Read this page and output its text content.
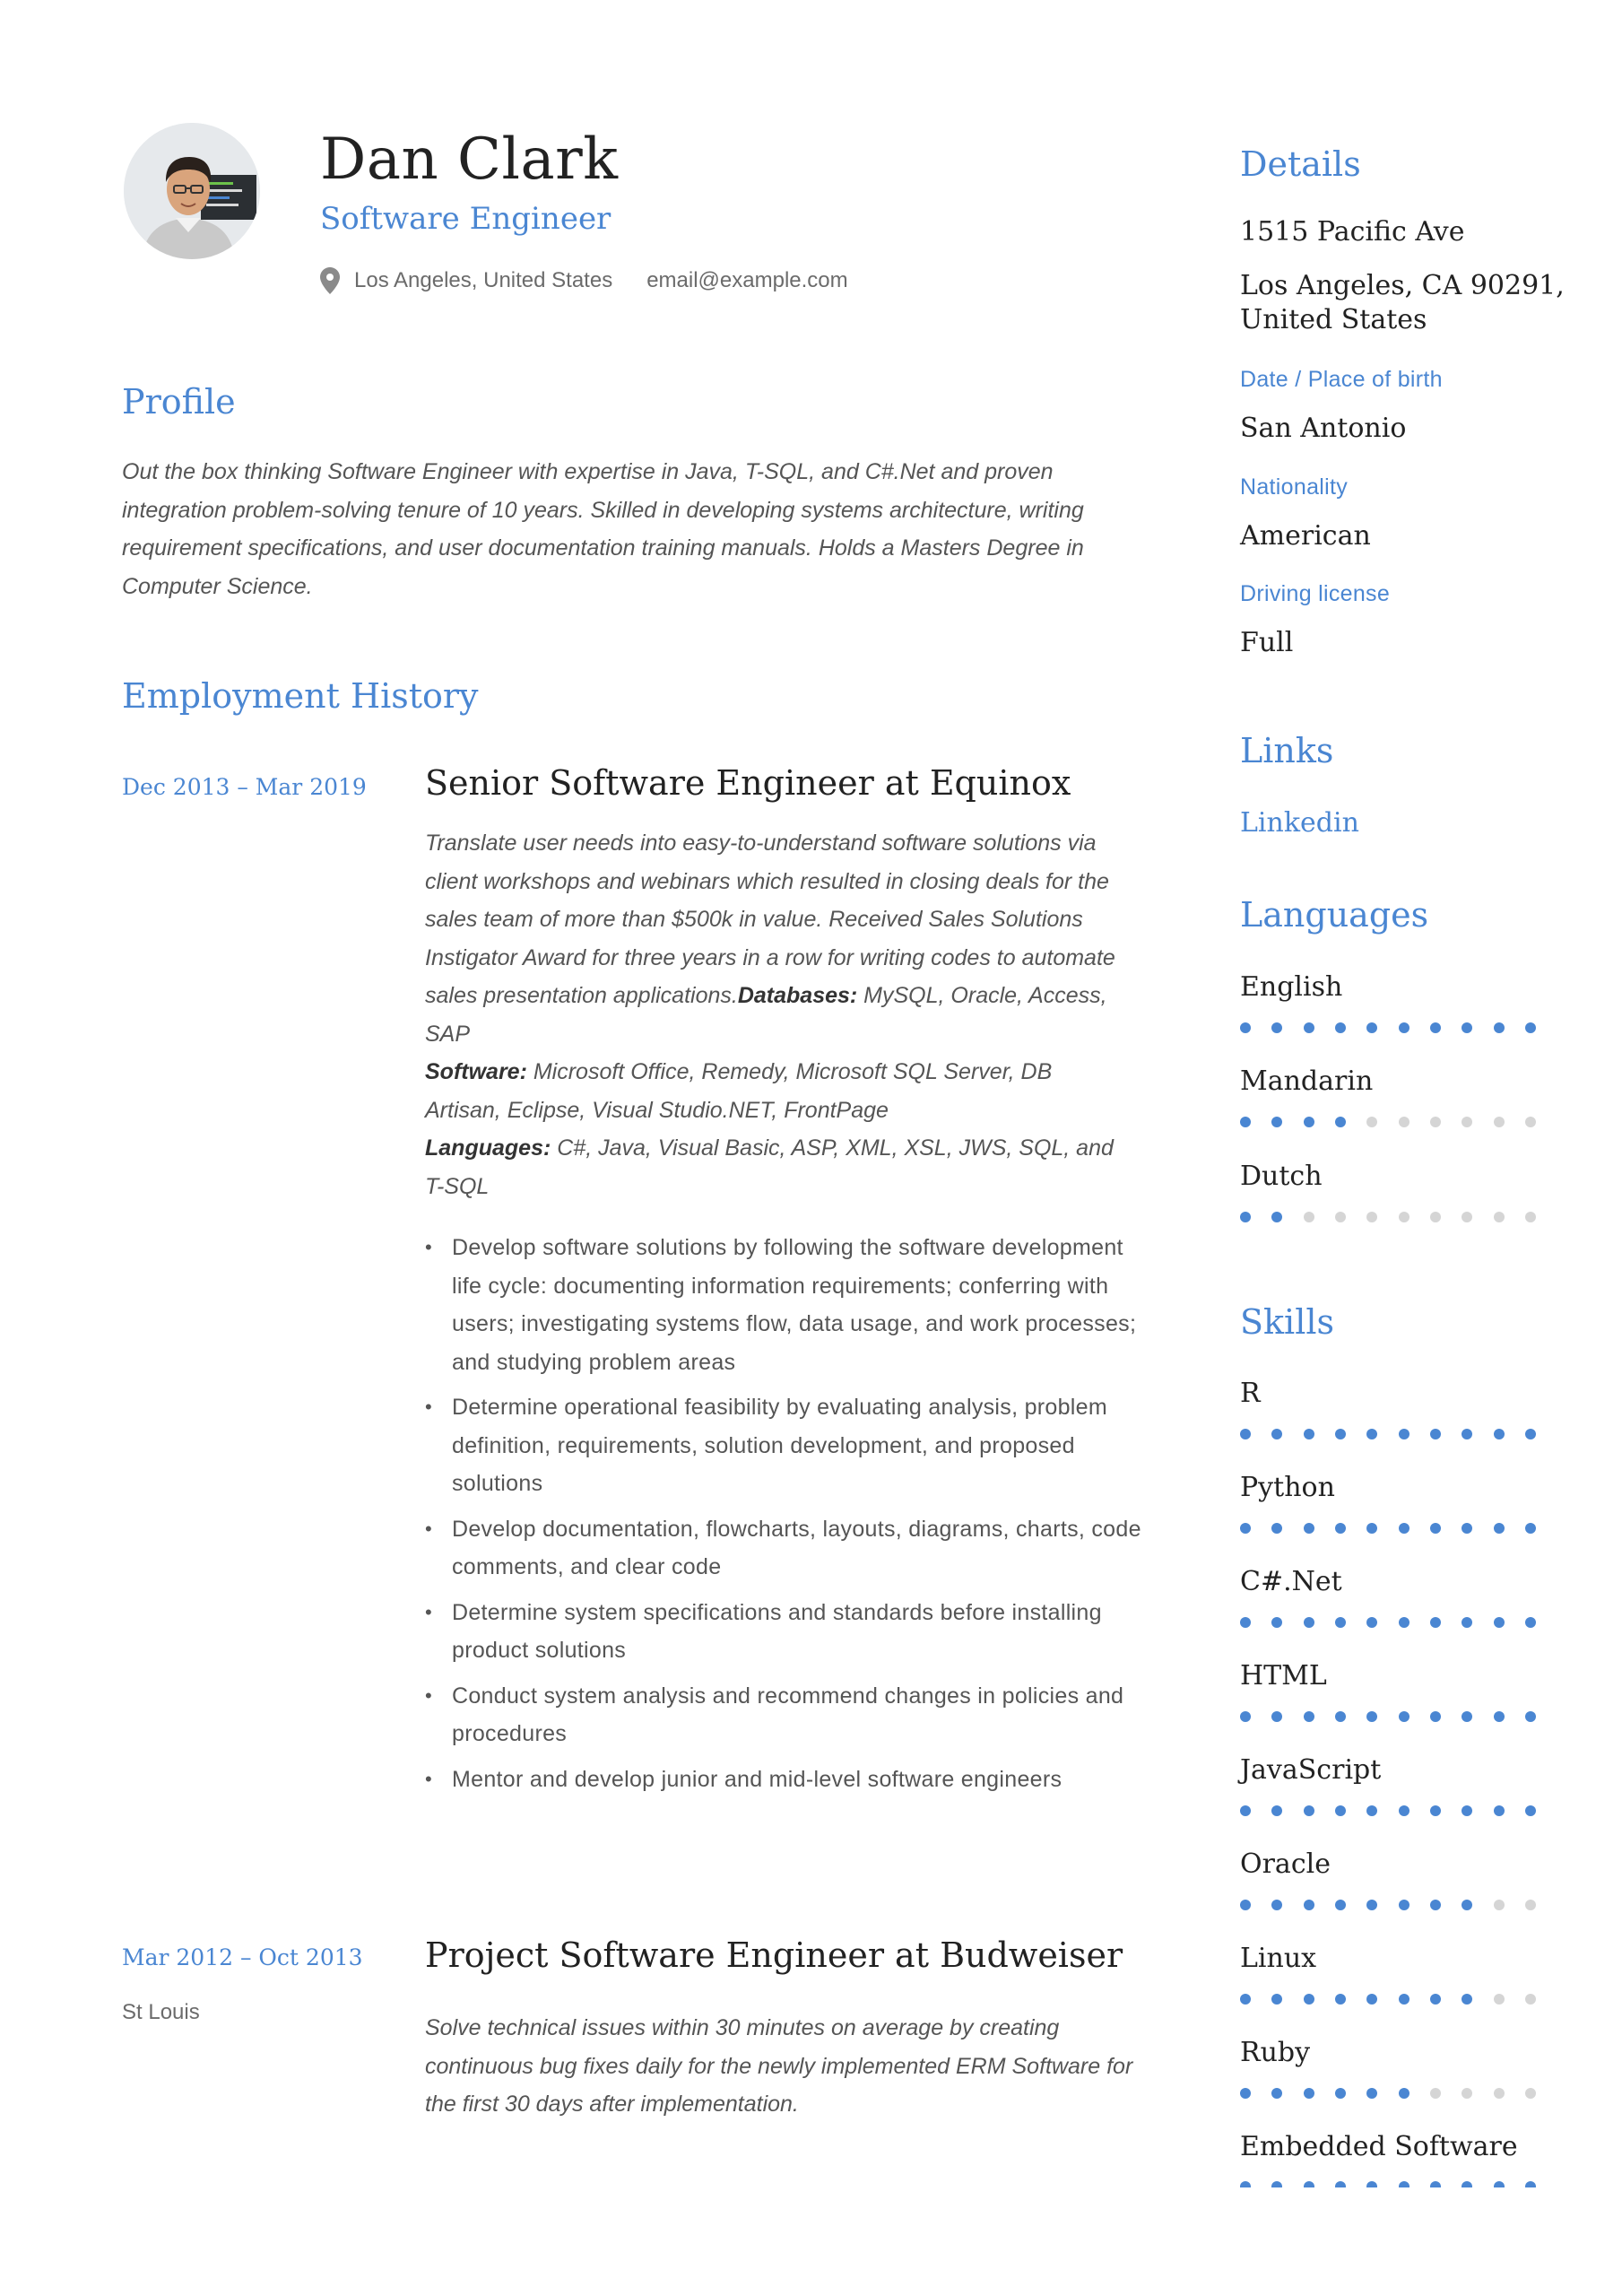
Dan Clark
Software Engineer
Los Angeles, United States email@example.com
Profile
Out the box thinking Software Engineer with expertise in Java, T-SQL, and C#.Net and proven integration problem-solving tenure of 10 years. Skilled in developing systems architecture, writing requirement specifications, and user documentation training manuals. Holds a Masters Degree in Computer Science.
Employment History
Dec 2013 – Mar 2019 Senior Software Engineer at Equinox
Translate user needs into easy-to-understand software solutions via client workshops and webinars which resulted in closing deals for the sales team of more than $500k in value. Received Sales Solutions Instigator Award for three years in a row for writing codes to automate sales presentation applications.Databases: MySQL, Oracle, Access, SAP
Software: Microsoft Office, Remedy, Microsoft SQL Server, DB Artisan, Eclipse, Visual Studio.NET, FrontPage
Languages: C#, Java, Visual Basic, ASP, XML, XSL, JWS, SQL, and T-SQL
• Develop software solutions by following the software development life cycle: documenting information requirements; conferring with users; investigating systems flow, data usage, and work processes; and studying problem areas
• Determine operational feasibility by evaluating analysis, problem definition, requirements, solution development, and proposed solutions
• Develop documentation, flowcharts, layouts, diagrams, charts, code comments, and clear code
• Determine system specifications and standards before installing product solutions
• Conduct system analysis and recommend changes in policies and procedures
• Mentor and develop junior and mid-level software engineers
Mar 2012 – Oct 2013
St Louis
Project Software Engineer at Budweiser
Solve technical issues within 30 minutes on average by creating continuous bug fixes daily for the newly implemented ERM Software for the first 30 days after implementation.
Details
1515 Pacific Ave
Los Angeles, CA 90291,
United States
Date / Place of birth
San Antonio
Nationality
American
Driving license
Full
Links
Linkedin
Languages
English
Mandarin
Dutch
Skills
R
Python
C#.Net
HTML
JavaScript
Oracle
Linux
Ruby
Embedded Software
